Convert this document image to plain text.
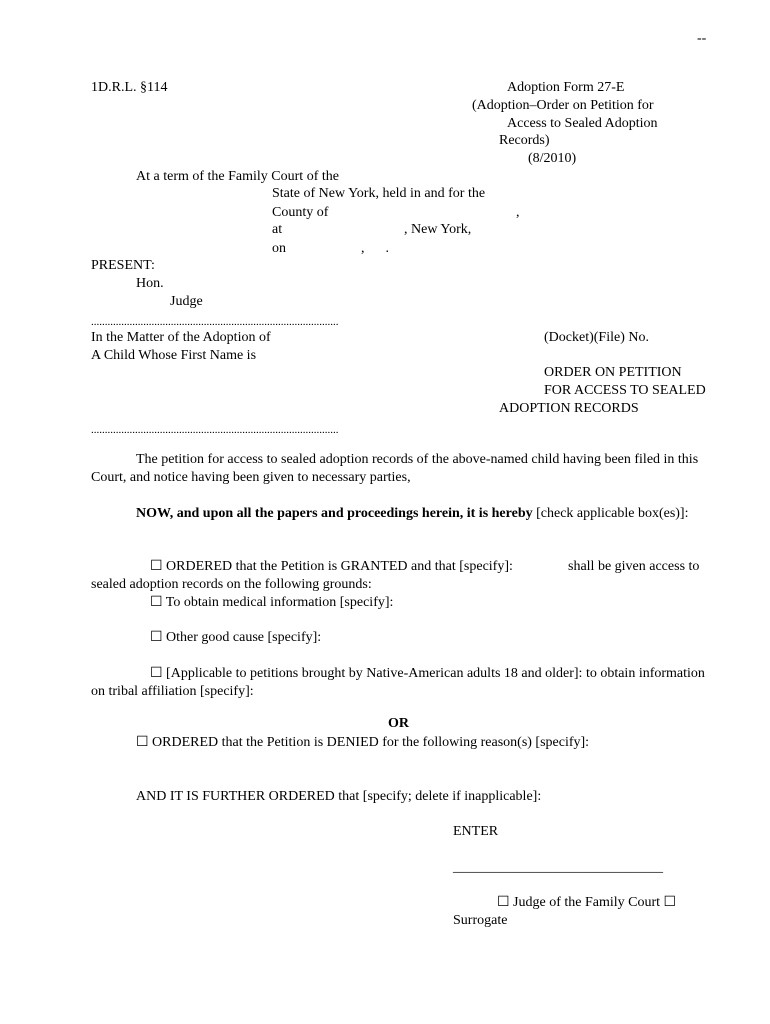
--
1D.R.L. §114	Adoption Form 27-E
(Adoption–Order on Petition for
Access to Sealed Adoption
Records)
(8/2010)
At a term of the Family Court of the
State of New York, held in and for the
County of	,
at	, New York,
on	,      .
PRESENT:
Hon.
Judge
..........................................................................................
In the Matter of the Adoption of
A Child Whose First Name is
(Docket)(File) No.
ORDER ON PETITION
FOR ACCESS TO SEALED
ADOPTION RECORDS
..........................................................................................
The petition for access to sealed adoption records of the above-named child having been filed in this Court, and notice having been given to necessary parties,
NOW, and upon all the papers and proceedings herein, it is hereby [check applicable box(es)]:
☐ ORDERED that the Petition is GRANTED and that [specify]:	shall be given access to
sealed adoption records on the following grounds:
☐ To obtain medical information [specify]:
☐ Other good cause [specify]:
☐ [Applicable to petitions brought by Native-American adults 18 and older]: to obtain information on tribal affiliation [specify]:
OR
☐ ORDERED that the Petition is DENIED for the following reason(s) [specify]:
AND IT IS FURTHER ORDERED that [specify; delete if inapplicable]:
ENTER
______________________________
☐ Judge of the Family Court ☐
Surrogate
